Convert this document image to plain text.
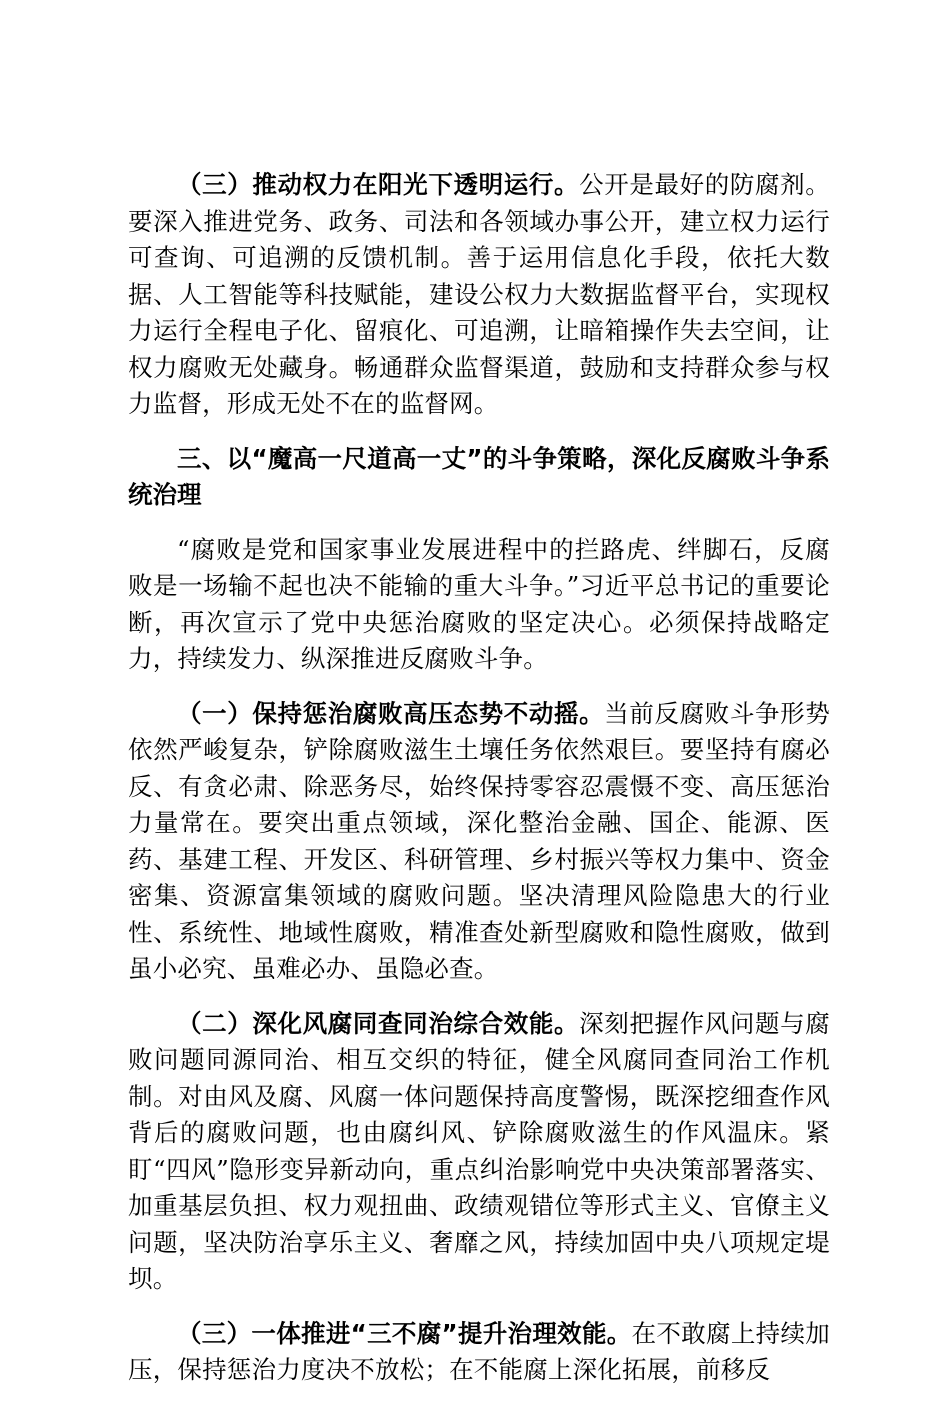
（三）推动权力在阳光下透明运行。公开是最好的防腐剂。要深入推进党务、政务、司法和各领域办事公开，建立权力运行可查询、可追溯的反馈机制。善于运用信息化手段，依托大数据、人工智能等科技赋能，建设公权力大数据监督平台，实现权力运行全程电子化、留痕化、可追溯，让暗箱操作失去空间，让权力腐败无处藏身。畅通群众监督渠道，鼓励和支持群众参与权力监督，形成无处不在的监督网。

三、以“魔高一尺道高一丈”的斗争策略，深化反腐败斗争系统治理

“腐败是党和国家事业发展进程中的拦路虎、绊脚石，反腐败是一场输不起也决不能输的重大斗争。”习近平总书记的重要论断，再次宣示了党中央惩治腐败的坚定决心。必须保持战略定力，持续发力、纵深推进反腐败斗争。

（一）保持惩治腐败高压态势不动摇。当前反腐败斗争形势依然严峻复杂，铲除腐败滋生土壤任务依然艰巨。要坚持有腐必反、有贪必肃、除恶务尽，始终保持零容忍震慑不变、高压惩治力量常在。要突出重点领域，深化整治金融、国企、能源、医药、基建工程、开发区、科研管理、乡村振兴等权力集中、资金密集、资源富集领域的腐败问题。坚决清理风险隐患大的行业性、系统性、地域性腐败，精准查处新型腐败和隐性腐败，做到虽小必究、虽难必办、虽隐必查。

（二）深化风腐同查同治综合效能。深刻把握作风问题与腐败问题同源同治、相互交织的特征，健全风腐同查同治工作机制。对由风及腐、风腐一体问题保持高度警惕，既深挖细查作风背后的腐败问题，也由腐纠风、铲除腐败滋生的作风温床。紧盯“四风”隐形变异新动向，重点纠治影响党中央决策部署落实、加重基层负担、权力观扭曲、政绩观错位等形式主义、官僚主义问题，坚决防治享乐主义、奢靡之风，持续加固中央八项规定堤坝。

（三）一体推进“三不腐”提升治理效能。在不敢腐上持续加压，保持惩治力度决不放松；在不能腐上深化拓展，前移反
